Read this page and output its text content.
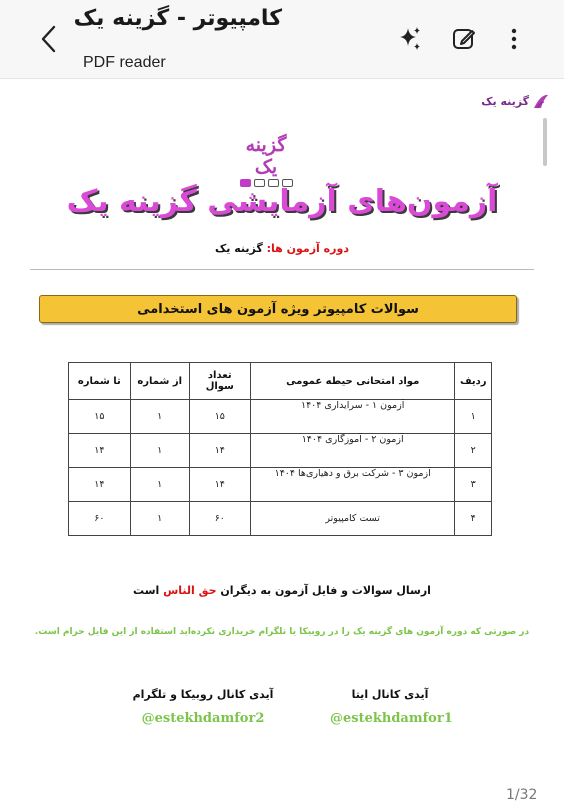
کامپیوتر - گزینه یک
PDF reader
گزینه یک
گزینه یک
آزمون‌های آزمایشی گزینه یک
دوره آزمون ها: گزینه یک
سوالات کامپیوتر ویژه آزمون های استخدامی
ردیف	مواد امتحانی حیطه عمومی	تعداد سوال	از شماره	تا شماره
۱	آزمون ۱ - سرایداری ۱۴۰۴	۱۵	۱	۱۵
۲	آزمون ۲ - آموزگاری ۱۴۰۴	۱۴	۱	۱۴
۳	آزمون ۳ - شرکت برق و دهیاری‌ها ۱۴۰۴	۱۴	۱	۱۴
۴	تست کامپیوتر	۶۰	۱	۶۰
ارسال سوالات و فایل آزمون به دیگران حق الناس است
در صورتی که دوره آزمون های گزینه یک را در روبیکا یا تلگرام خریداری نکرده‌اید استفاده از این فایل حرام است.
آیدی کانال ایتا
@estekhdamfor1
آیدی کانال روبیکا و تلگرام
@estekhdamfor2
1/32
